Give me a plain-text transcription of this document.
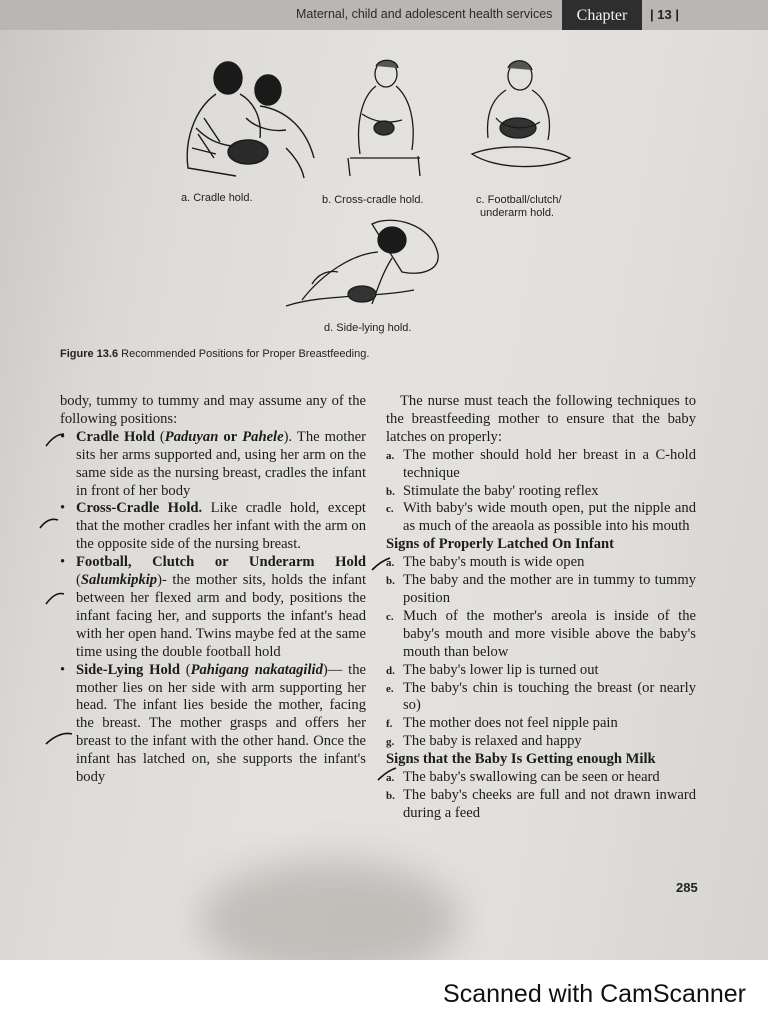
Maternal, child and adolescent health services	Chapter	| 13 |
a. Cradle hold.	b. Cross-cradle hold.	c. Football/clutch/
underarm hold.
d. Side-lying hold.
Figure 13.6 Recommended Positions for Proper Breastfeeding.

body, tummy to tummy and may assume any of the following positions:

• Cradle Hold (Paduyan or Pahele). The mother sits her arms supported and, using her arm on the same side as the nursing breast, cradles the infant in front of her body
• Cross-Cradle Hold. Like cradle hold, except that the mother cradles her infant with the arm on the opposite side of the nursing breast.
• Football, Clutch or Underarm Hold (Salumkipkip)- the mother sits, holds the infant between her flexed arm and body, positions the infant facing her, and supports the infant's head with her open hand. Twins maybe fed at the same time using the double football hold
• Side-Lying Hold (Pahigang nakatagilid)— the mother lies on her side with arm supporting her head. The infant lies beside the mother, facing the breast. The mother grasps and offers her breast to the infant with the other hand. Once the infant has latched on, she supports the infant's body

The nurse must teach the following techniques to the breastfeeding mother to ensure that the baby latches on properly:

a. The mother should hold her breast in a C-hold technique
b. Stimulate the baby' rooting reflex
c. With baby's wide mouth open, put the nipple and as much of the areaola as possible into his mouth
Signs of Properly Latched On Infant
a. The baby's mouth is wide open
b. The baby and the mother are in tummy to tummy position
c. Much of the mother's areola is inside of the baby's mouth and more visible above the baby's mouth than below
d. The baby's lower lip is turned out
e. The baby's chin is touching the breast (or nearly so)
f. The mother does not feel nipple pain
g. The baby is relaxed and happy
Signs that the Baby Is Getting enough Milk
a. The baby's swallowing can be seen or heard
b. The baby's cheeks are full and not drawn inward during a feed
285
Scanned with CamScanner
